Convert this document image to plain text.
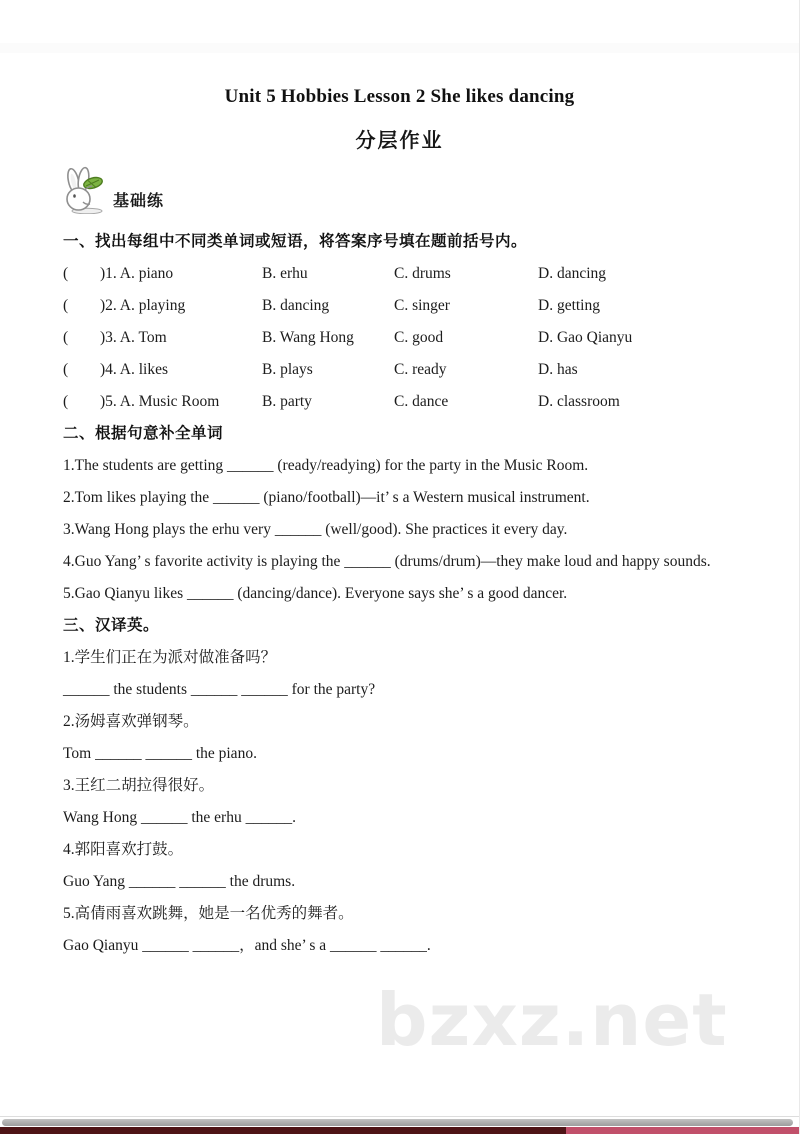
Unit 5 Hobbies Lesson 2 She likes dancing
分层作业
基础练
一、找出每组中不同类单词或短语，将答案序号填在题前括号内。
(	)1. A. piano	B. erhu	C. drums	D. dancing
(	)2. A. playing	B. dancing	C. singer	D. getting
(	)3. A. Tom	B. Wang Hong	C. good	D. Gao Qianyu
(	)4. A. likes	B. plays	C. ready	D. has
(	)5. A. Music Room	B. party	C. dance	D. classroom
二、根据句意补全单词

1.The students are getting ______ (ready/readying) for the party in the Music Room.

2.Tom likes playing the ______ (piano/football)—it’ s a Western musical instrument.

3.Wang Hong plays the erhu very ______ (well/good). She practices it every day.

4.Guo Yang’ s favorite activity is playing the ______ (drums/drum)—they make loud and happy sounds.

5.Gao Qianyu likes ______ (dancing/dance). Everyone says she’ s a good dancer.

三、汉译英。
1.学生们正在为派对做准备吗？
______ the students ______ ______ for the party?
2.汤姆喜欢弹钢琴。
Tom ______ ______ the piano.
3.王红二胡拉得很好。
Wang Hong ______ the erhu ______.
4.郭阳喜欢打鼓。
Guo Yang ______ ______ the drums.
5.高倩雨喜欢跳舞，她是一名优秀的舞者。
Gao Qianyu ______ ______，and she’ s a ______ ______.
bzxz.net
